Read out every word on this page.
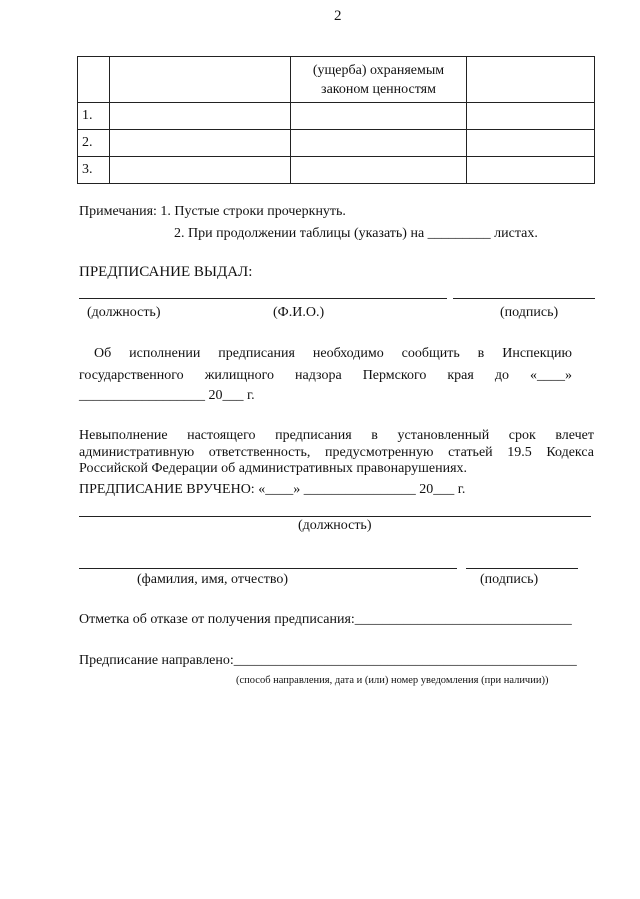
2
		(ущерба) охраняемым законом ценностям	
1.			
2.			
3.			
Примечания: 1. Пустые строки прочеркнуть.
2. При продолжении таблицы (указать) на _________ листах.
ПРЕДПИСАНИЕ ВЫДАЛ:
(должность)	(Ф.И.О.)	(подпись)
Об исполнении предписания необходимо сообщить в Инспекцию
государственного жилищного надзора Пермского края до «____»
__________________ 20___ г.
Невыполнение настоящего предписания в установленный срок влечет
административную ответственность, предусмотренную статьей 19.5 Кодекса
Российской Федерации об административных правонарушениях.
ПРЕДПИСАНИЕ ВРУЧЕНО: «____» ________________ 20___ г.
(должность)
(фамилия, имя, отчество)	(подпись)
Отметка об отказе от получения предписания:_______________________________
Предписание направлено:_________________________________________________
(способ направления, дата и (или) номер уведомления (при наличии))
